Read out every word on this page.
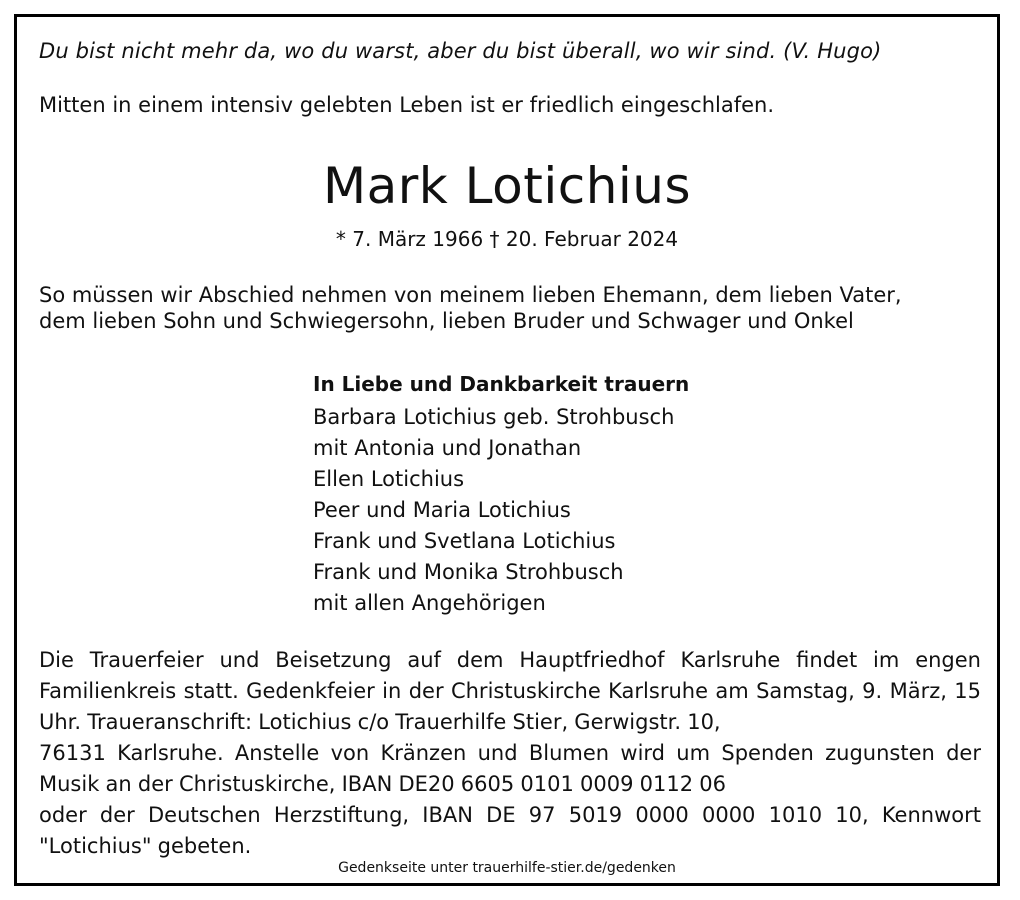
Du bist nicht mehr da, wo du warst, aber du bist überall, wo wir sind. (V. Hugo)
Mitten in einem intensiv gelebten Leben ist er friedlich eingeschlafen.
Mark Lotichius
* 7. März 1966 † 20. Februar 2024
So müssen wir Abschied nehmen von meinem lieben Ehemann, dem lieben Vater,
dem lieben Sohn und Schwiegersohn, lieben Bruder und Schwager und Onkel
In Liebe und Dankbarkeit trauern
Barbara Lotichius geb. Strohbusch
mit Antonia und Jonathan
Ellen Lotichius
Peer und Maria Lotichius
Frank und Svetlana Lotichius
Frank und Monika Strohbusch
mit allen Angehörigen

Die Trauerfeier und Beisetzung auf dem Hauptfriedhof Karlsruhe findet im engen Familienkreis statt. Gedenkfeier in der Christuskirche Karlsruhe am Samstag, 9. März, 15 Uhr. Traueranschrift: Lotichius c/o Trauerhilfe Stier, Gerwigstr. 10,

76131 Karlsruhe. Anstelle von Kränzen und Blumen wird um Spenden zugunsten der Musik an der Christuskirche, IBAN DE20 6605 0101 0009 0112 06

oder der Deutschen Herzstiftung, IBAN DE 97 5019 0000 0000 1010 10, Kennwort "Lotichius" gebeten.

Gedenkseite unter trauerhilfe-stier.de/gedenken
